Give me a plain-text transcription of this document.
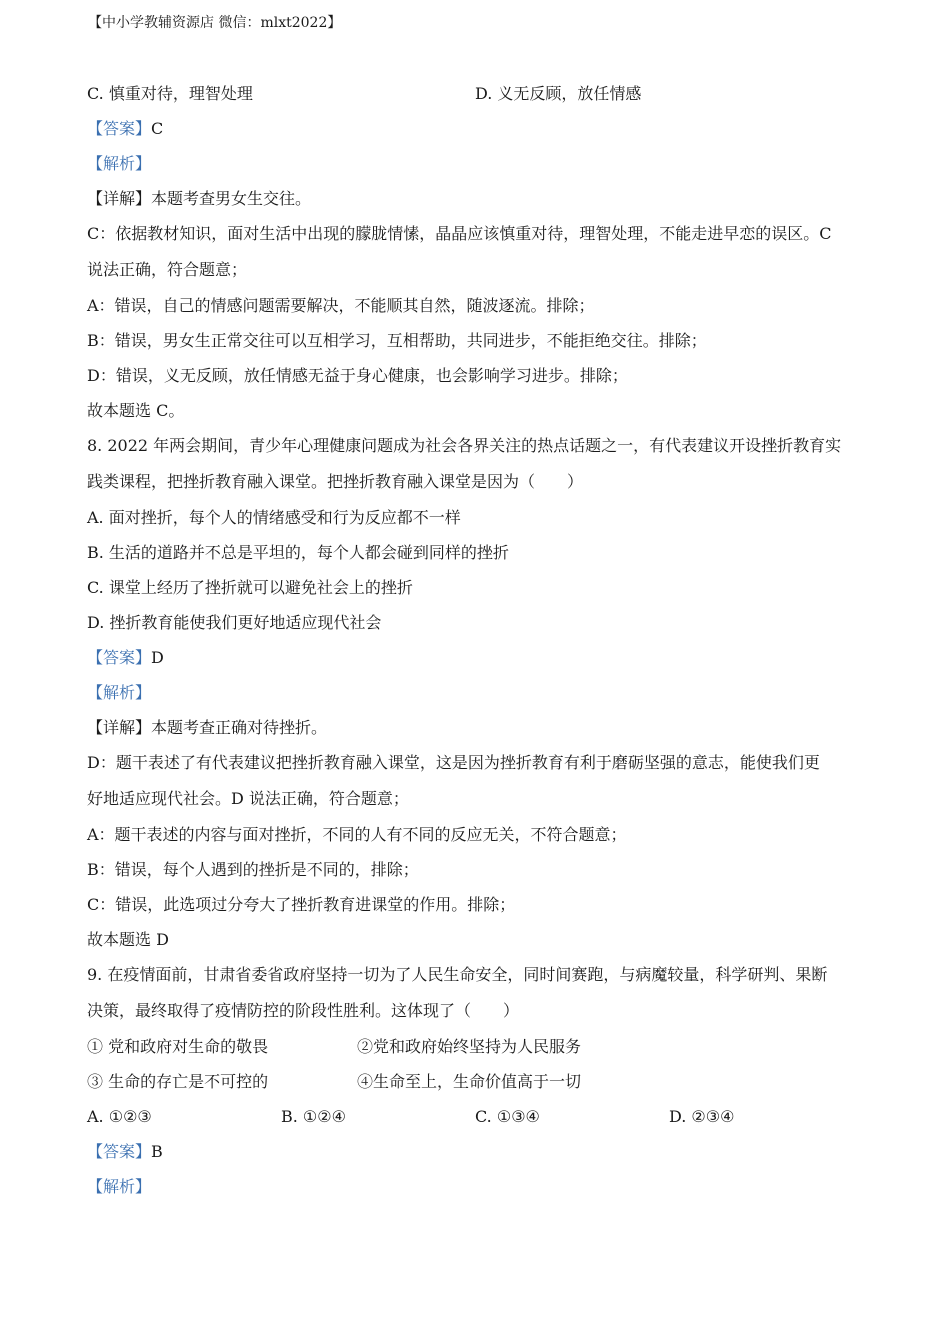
【中小学教辅资源店 微信：mlxt2022】
C. 慎重对待，理智处理	D. 义无反顾，放任情感
【答案】C
【解析】
【详解】本题考查男女生交往。
C：依据教材知识，面对生活中出现的朦胧情愫，晶晶应该慎重对待，理智处理，不能走进早恋的误区。C
说法正确，符合题意；
A：错误，自己的情感问题需要解决，不能顺其自然，随波逐流。排除；
B：错误，男女生正常交往可以互相学习，互相帮助，共同进步，不能拒绝交往。排除；
D：错误，义无反顾，放任情感无益于身心健康，也会影响学习进步。排除；
故本题选 C。
8. 2022 年两会期间，青少年心理健康问题成为社会各界关注的热点话题之一，有代表建议开设挫折教育实
践类课程，把挫折教育融入课堂。把挫折教育融入课堂是因为（　　）
A. 面对挫折，每个人的情绪感受和行为反应都不一样
B. 生活的道路并不总是平坦的，每个人都会碰到同样的挫折
C. 课堂上经历了挫折就可以避免社会上的挫折
D. 挫折教育能使我们更好地适应现代社会
【答案】D
【解析】
【详解】本题考查正确对待挫折。
D：题干表述了有代表建议把挫折教育融入课堂，这是因为挫折教育有利于磨砺坚强的意志，能使我们更
好地适应现代社会。D 说法正确，符合题意；
A：题干表述的内容与面对挫折，不同的人有不同的反应无关，不符合题意；
B：错误，每个人遇到的挫折是不同的，排除；
C：错误，此选项过分夸大了挫折教育进课堂的作用。排除；
故本题选 D
9. 在疫情面前，甘肃省委省政府坚持一切为了人民生命安全，同时间赛跑，与病魔较量，科学研判、果断
决策，最终取得了疫情防控的阶段性胜利。这体现了（　　）
① 党和政府对生命的敬畏	②党和政府始终坚持为人民服务
③ 生命的存亡是不可控的	④生命至上，生命价值高于一切
A. ①②③	B. ①②④	C. ①③④	D. ②③④
【答案】B
【解析】
